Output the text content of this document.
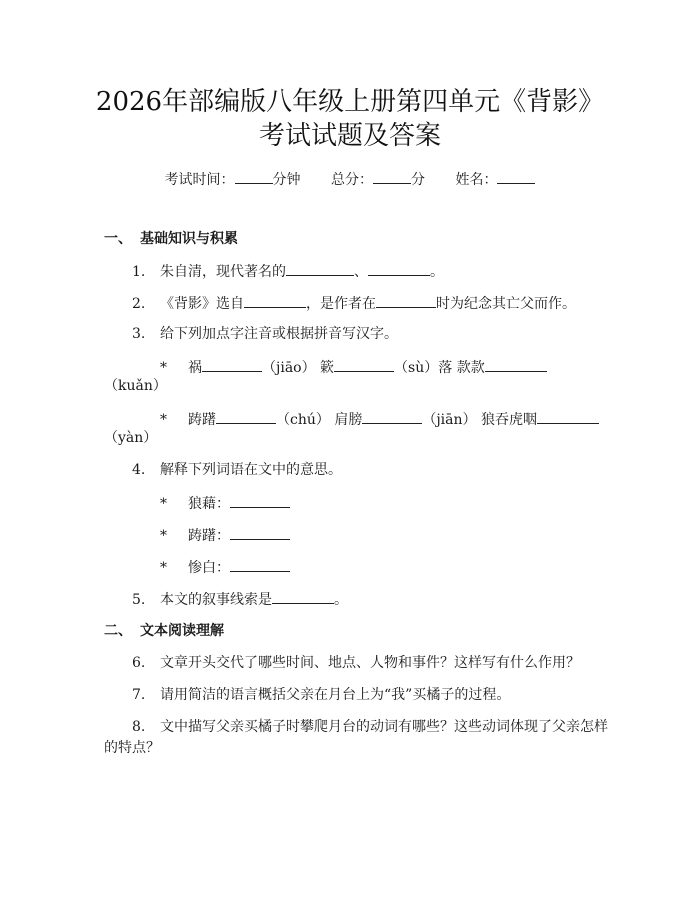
2026年部编版八年级上册第四单元《背影》
考试试题及答案
考试时间：	分钟 总分：	分 姓名：
一、 基础知识与积累
1. 朱自清，现代著名的	、	。
2. 《背影》选自	，是作者在	时为纪念其亡父而作。
3. 给下列加点字注音或根据拼音写汉字。
* 祸	（jiāo） 簌	（sù）落 款款
（kuǎn）
* 踌躇	（chú） 肩膀	（jiān） 狼吞虎咽
（yàn）
4. 解释下列词语在文中的意思。
* 狼藉：
* 踌躇：
* 惨白：
5. 本文的叙事线索是	。
二、 文本阅读理解
6. 文章开头交代了哪些时间、地点、人物和事件？这样写有什么作用？
7. 请用简洁的语言概括父亲在月台上为“我”买橘子的过程。
8. 文中描写父亲买橘子时攀爬月台的动词有哪些？这些动词体现了父亲怎样
的特点？
